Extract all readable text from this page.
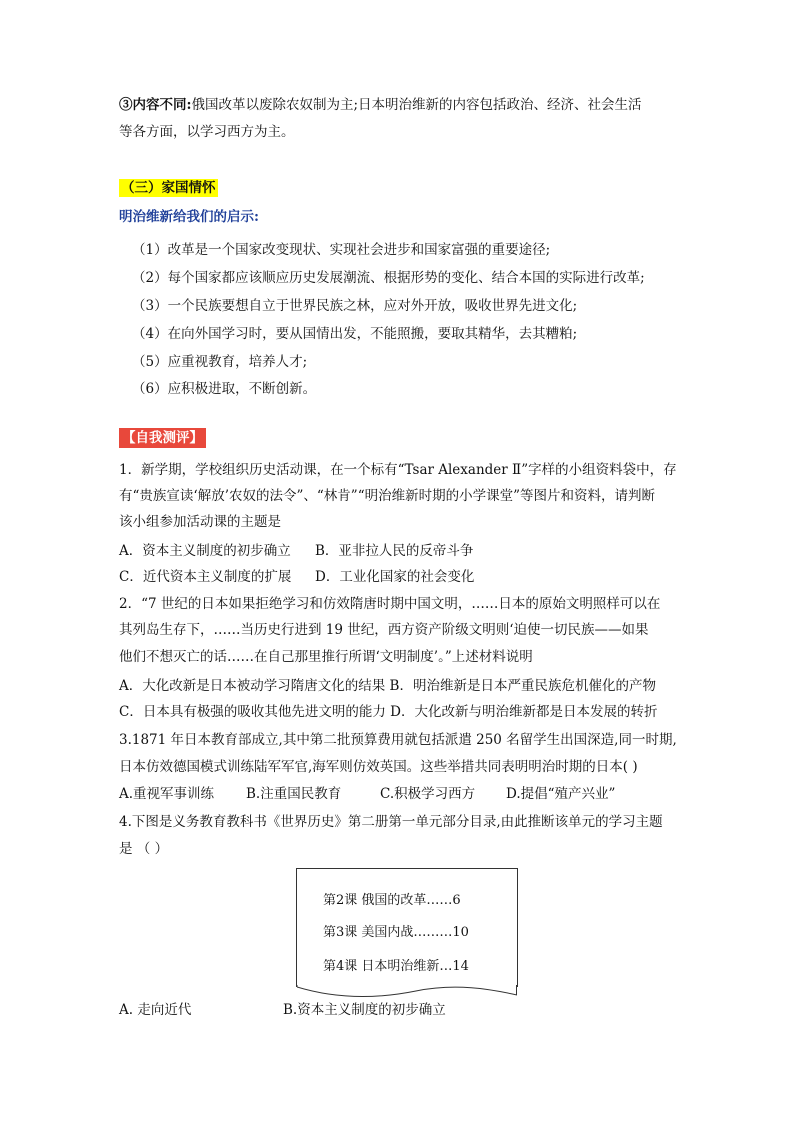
③内容不同:俄国改革以废除农奴制为主;日本明治维新的内容包括政治、经济、社会生活
等各方面，以学习西方为主。
（三）家国情怀
明治维新给我们的启示:
（1）改革是一个国家改变现状、实现社会进步和国家富强的重要途径;
（2）每个国家都应该顺应历史发展潮流、根据形势的变化、结合本国的实际进行改革;
（3）一个民族要想自立于世界民族之林，应对外开放，吸收世界先进文化;
（4）在向外国学习时，要从国情出发，不能照搬，要取其精华，去其糟粕;
（5）应重视教育，培养人才;
（6）应积极进取，不断创新。
【自我测评】
1．新学期，学校组织历史活动课，在一个标有“Tsar Alexander Ⅱ”字样的小组资料袋中，存
有“贵族宣读‘解放’农奴的法令”、“林肯”“明治维新时期的小学课堂”等图片和资料，请判断
该小组参加活动课的主题是
A．资本主义制度的初步确立 B．亚非拉人民的反帝斗争
C．近代资本主义制度的扩展 D．工业化国家的社会变化
2．“7 世纪的日本如果拒绝学习和仿效隋唐时期中国文明，……日本的原始文明照样可以在
其列岛生存下，……当历史行进到 19 世纪，西方资产阶级文明则‘迫使一切民族——如果
他们不想灭亡的话……在自己那里推行所谓‘文明制度’。”上述材料说明
A．大化改新是日本被动学习隋唐文化的结果 B．明治维新是日本严重民族危机催化的产物
C．日本具有极强的吸收其他先进文明的能力 D．大化改新与明治维新都是日本发展的转折
3.1871 年日本教育部成立,其中第二批预算费用就包括派遣 250 名留学生出国深造,同一时期,
日本仿效德国模式训练陆军军官,海军则仿效英国。这些举措共同表明明治时期的日本( )
A.重视军事训练 B.注重国民教育	C.积极学习西方 D.提倡“殖产兴业”
4.下图是义务教育教科书《世界历史》第二册第一单元部分目录,由此推断该单元的学习主题
是 （ ）
第2课 俄国的改革……6
第3课 美国内战………10
第4课 日本明治维新…14
A. 走向近代	B.资本主义制度的初步确立
